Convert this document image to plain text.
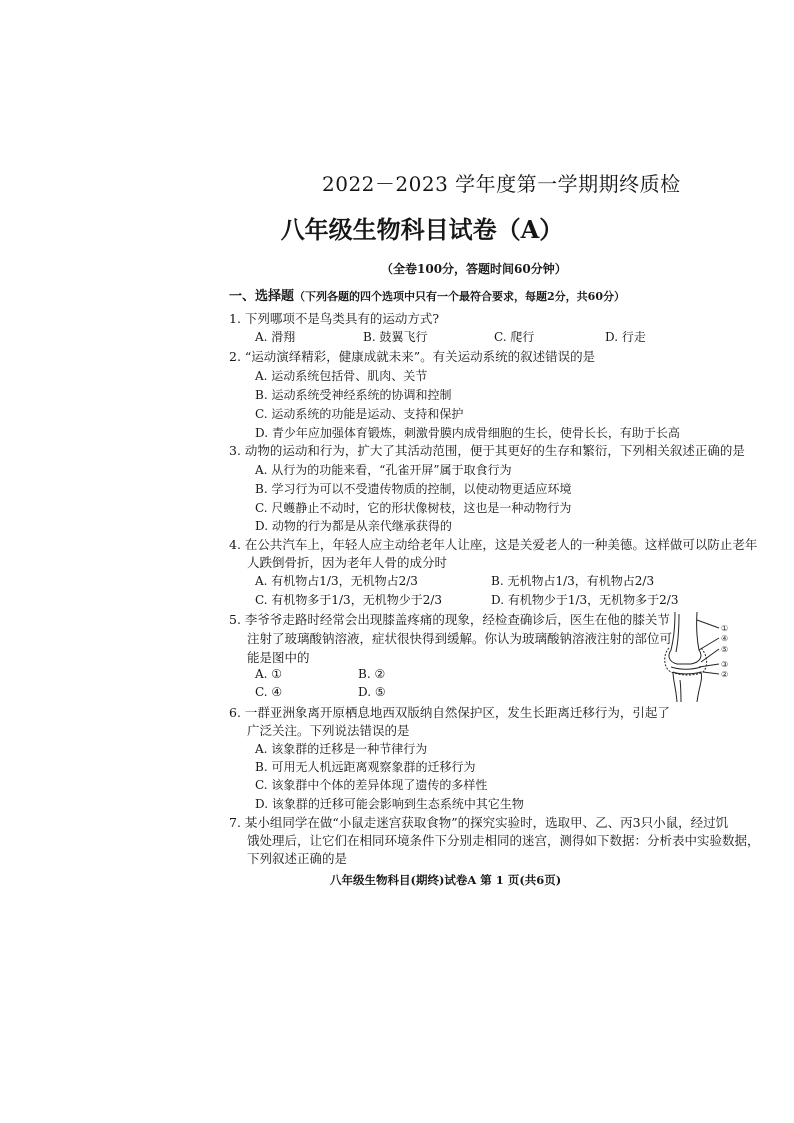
2022－2023 学年度第一学期期终质检
八年级生物科目试卷（A）
（全卷100分，答题时间60分钟）
一、选择题（下列各题的四个选项中只有一个最符合要求，每题2分，共60分）
1. 下列哪项不是鸟类具有的运动方式?
A. 滑翔	B. 鼓翼飞行	C. 爬行	D. 行走
2. “运动演绎精彩，健康成就未来”。有关运动系统的叙述错误的是
A. 运动系统包括骨、肌肉、关节
B. 运动系统受神经系统的协调和控制
C. 运动系统的功能是运动、支持和保护
D. 青少年应加强体育锻炼，刺激骨膜内成骨细胞的生长，使骨长长，有助于长高
3. 动物的运动和行为，扩大了其活动范围，便于其更好的生存和繁衍，下列相关叙述正确的是
A. 从行为的功能来看，“孔雀开屏”属于取食行为
B. 学习行为可以不受遗传物质的控制，以使动物更适应环境
C. 尺蠖静止不动时，它的形状像树枝，这也是一种动物行为
D. 动物的行为都是从亲代继承获得的
4. 在公共汽车上，年轻人应主动给老年人让座，这是关爱老人的一种美德。这样做可以防止老年
人跌倒骨折，因为老年人骨的成分时
A. 有机物占1/3，无机物占2/3	B. 无机物占1/3，有机物占2/3
C. 有机物多于1/3，无机物少于2/3	D. 有机物少于1/3，无机物多于2/3
5. 李爷爷走路时经常会出现膝盖疼痛的现象，经检查确诊后，医生在他的膝关节
注射了玻璃酸钠溶液，症状很快得到缓解。你认为玻璃酸钠溶液注射的部位可
能是图中的
A. ①	B. ②
C. ④	D. ⑤
①
④
⑤
③
②
6. 一群亚洲象离开原栖息地西双版纳自然保护区，发生长距离迁移行为，引起了
广泛关注。下列说法错误的是
A. 该象群的迁移是一种节律行为
B. 可用无人机远距离观察象群的迁移行为
C. 该象群中个体的差异体现了遗传的多样性
D. 该象群的迁移可能会影响到生态系统中其它生物
7. 某小组同学在做“小鼠走迷宫获取食物”的探究实验时，选取甲、乙、丙3只小鼠，经过饥
饿处理后，让它们在相同环境条件下分别走相同的迷宫，测得如下数据：分析表中实验数据，
下列叙述正确的是
八年级生物科目(期终)试卷A 第 1 页(共6页)
